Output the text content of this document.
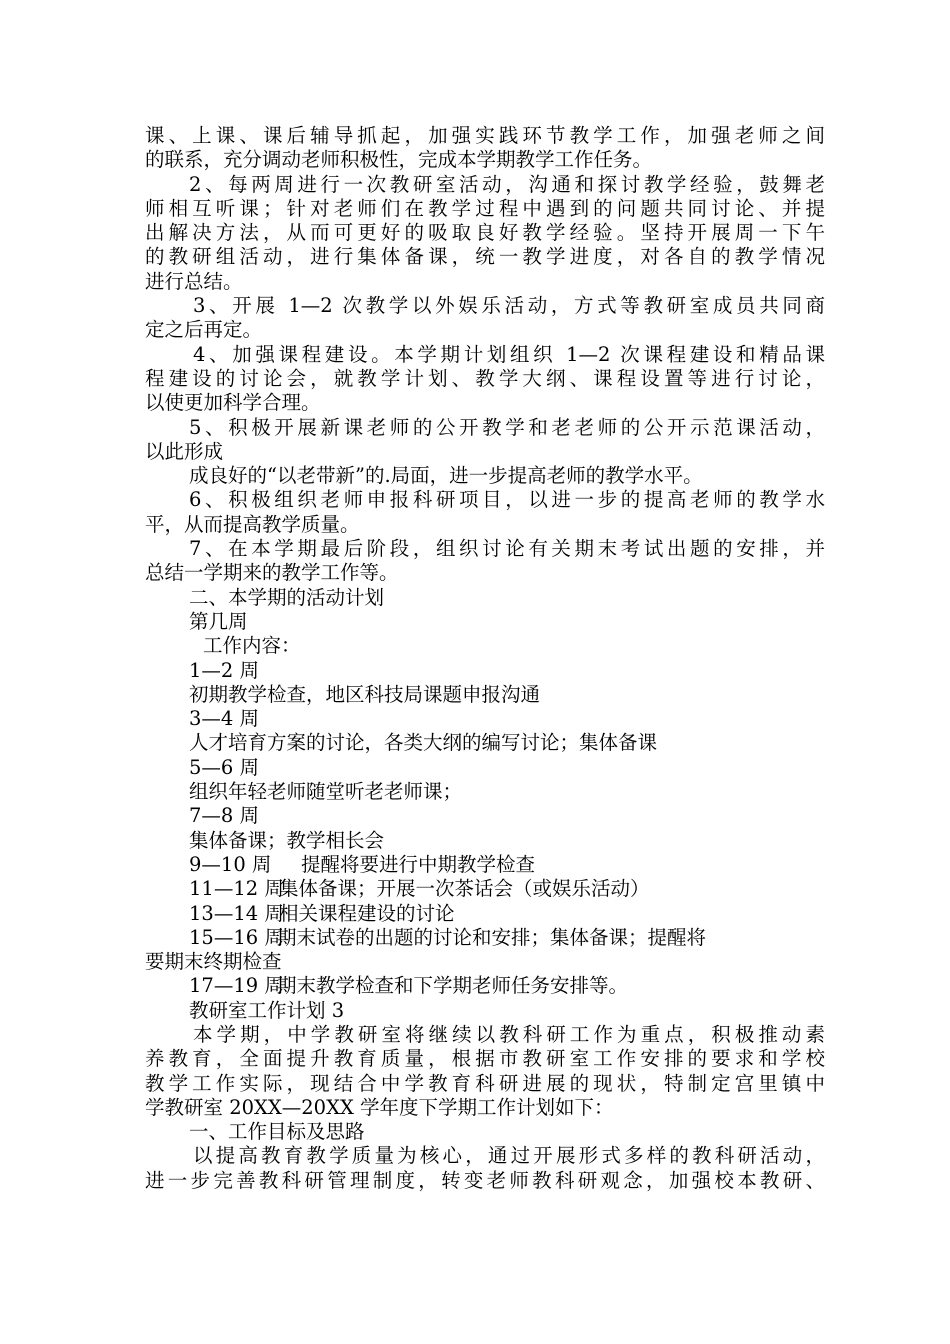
课、上课、课后辅导抓起，加强实践环节教学工作，加强老师之间
的联系，充分调动老师积极性，完成本学期教学工作任务。
2、每两周进行一次教研室活动，沟通和探讨教学经验，鼓舞老
师相互听课；针对老师们在教学过程中遇到的问题共同讨论、并提
出解决方法，从而可更好的吸取良好教学经验。坚持开展周一下午
的教研组活动，进行集体备课，统一教学进度，对各自的教学情况
进行总结。
3、开展 1—2 次教学以外娱乐活动，方式等教研室成员共同商
定之后再定。
4、加强课程建设。本学期计划组织 1—2 次课程建设和精品课
程建设的讨论会，就教学计划、教学大纲、课程设置等进行讨论，
以使更加科学合理。
5、积极开展新课老师的公开教学和老老师的公开示范课活动，
以此形成
成良好的“以老带新”的.局面，进一步提高老师的教学水平。
6、积极组织老师申报科研项目，以进一步的提高老师的教学水
平，从而提高教学质量。
7、在本学期最后阶段，组织讨论有关期末考试出题的安排，并
总结一学期来的教学工作等。
二、本学期的活动计划
第几周
工作内容：
1—2 周
初期教学检查，地区科技局课题申报沟通
3—4 周
人才培育方案的讨论，各类大纲的编写讨论；集体备课
5—6 周
组织年轻老师随堂听老老师课；
7—8 周
集体备课；教学相长会
9—10 周 提醒将要进行中期教学检查
11—12 周集体备课；开展一次茶话会（或娱乐活动）
13—14 周相关课程建设的讨论
15—16 周期末试卷的出题的讨论和安排；集体备课；提醒将
要期末终期检查
17—19 周期末教学检查和下学期老师任务安排等。
教研室工作计划 3
本学期，中学教研室将继续以教科研工作为重点，积极推动素
养教育，全面提升教育质量，根据市教研室工作安排的要求和学校
教学工作实际，现结合中学教育科研进展的现状，特制定宫里镇中
学教研室 20XX—20XX 学年度下学期工作计划如下：
一、工作目标及思路
以提高教育教学质量为核心，通过开展形式多样的教科研活动，
进一步完善教科研管理制度，转变老师教科研观念，加强校本教研、
